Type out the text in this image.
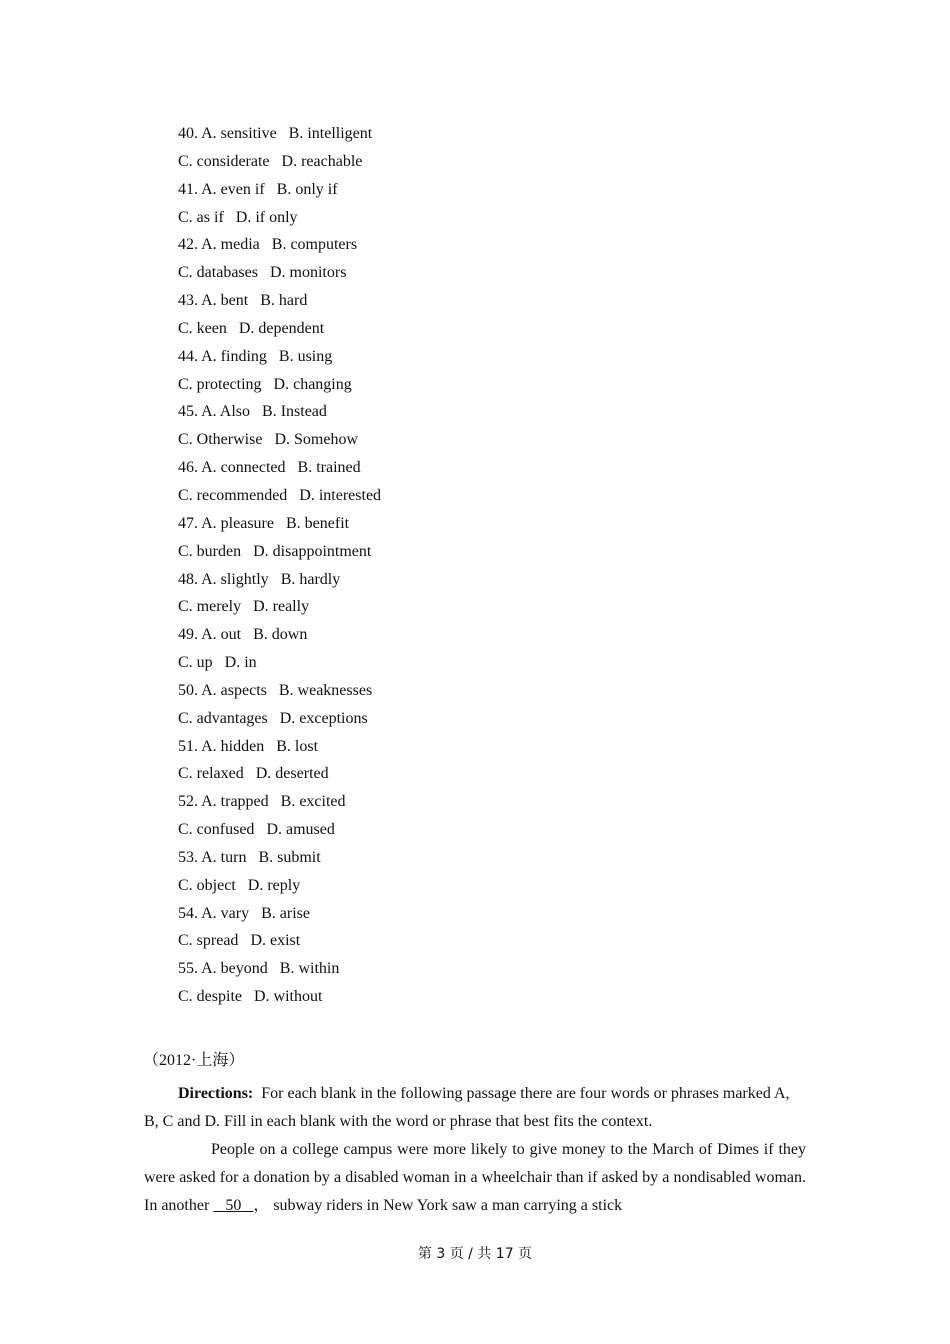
40. A. sensitive B. intelligent
C. considerate D. reachable
41. A. even if B. only if
C. as if D. if only
42. A. media B. computers
C. databases D. monitors
43. A. bent B. hard
C. keen D. dependent
44. A. finding B. using
C. protecting D. changing
45. A. Also B. Instead
C. Otherwise D. Somehow
46. A. connected B. trained
C. recommended D. interested
47. A. pleasure B. benefit
C. burden D. disappointment
48. A. slightly B. hardly
C. merely D. really
49. A. out B. down
C. up D. in
50. A. aspects B. weaknesses
C. advantages D. exceptions
51. A. hidden B. lost
C. relaxed D. deserted
52. A. trapped B. excited
C. confused D. amused
53. A. turn B. submit
C. object D. reply
54. A. vary B. arise
C. spread D. exist
55. A. beyond B. within
C. despite D. without
（2012·上海）
Directions: For each blank in the following passage there are four words or phrases marked A, B, C and D. Fill in each blank with the word or phrase that best fits the context.
People on a college campus were more likely to give money to the March of Dimes if they were asked for a donation by a disabled woman in a wheelchair than if asked by a nondisabled woman. In another    50 ， subway riders in New York saw a man carrying a stick
第 3 页 / 共 17 页
